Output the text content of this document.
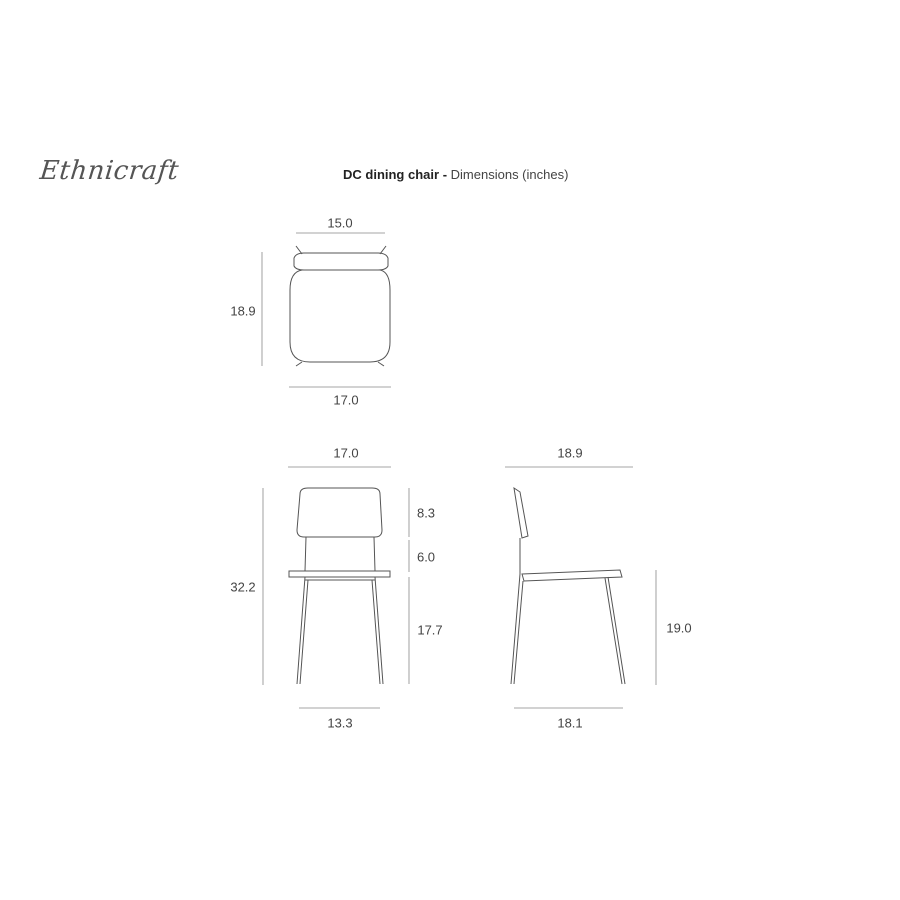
Ethnicraft	DC dining chair - Dimensions (inches)
15.0
18.9
17.0
17.0
32.2
8.3
6.0
17.7
13.3
18.9
19.0
18.1
